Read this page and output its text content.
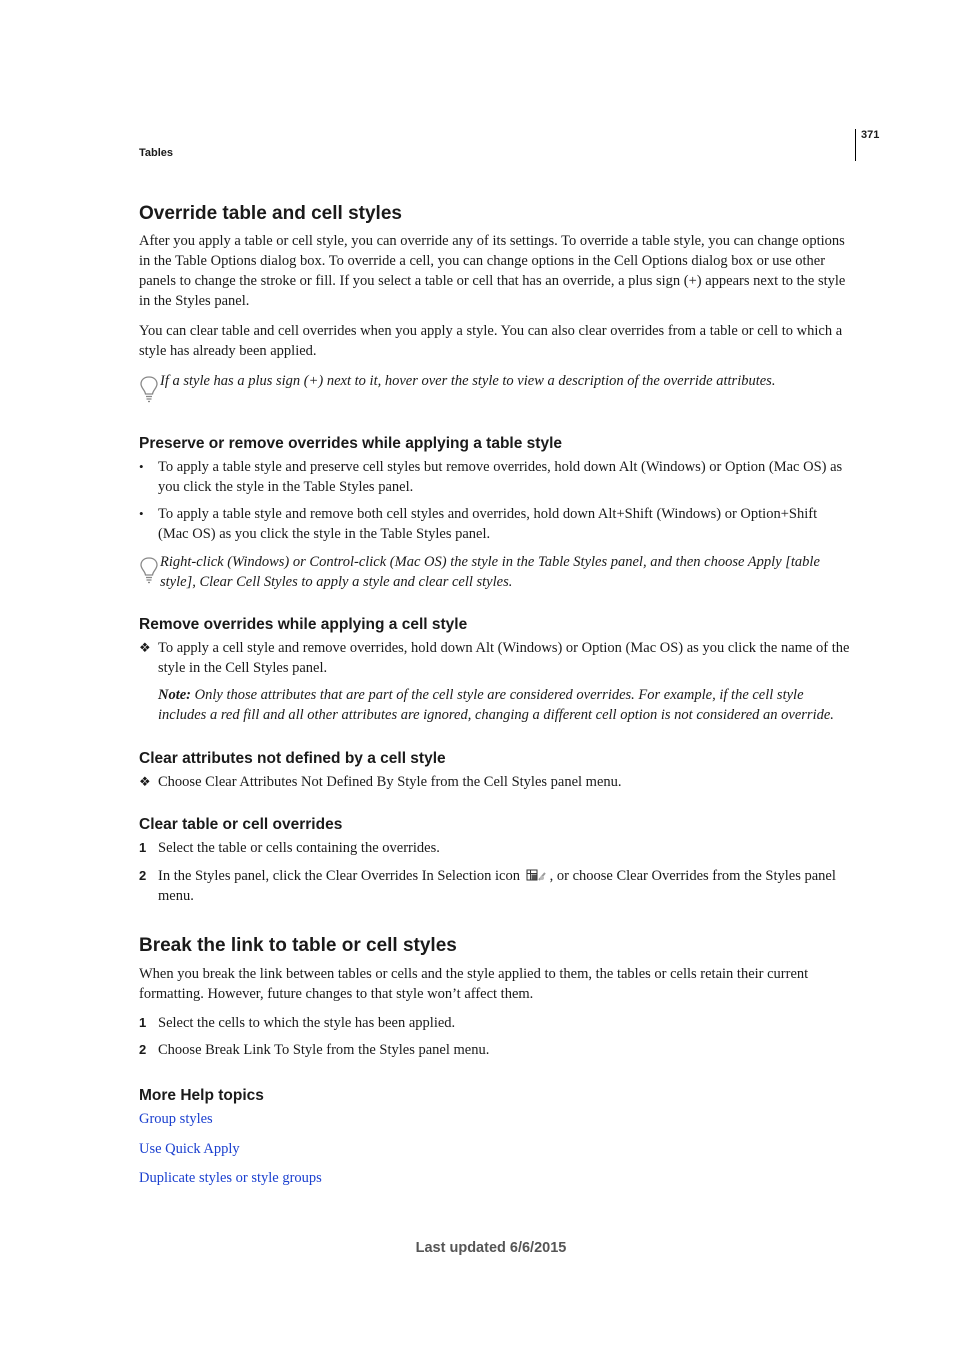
Tables
371
Override table and cell styles
After you apply a table or cell style, you can override any of its settings. To override a table style, you can change options in the Table Options dialog box. To override a cell, you can change options in the Cell Options dialog box or use other panels to change the stroke or fill. If you select a table or cell that has an override, a plus sign (+) appears next to the style in the Styles panel.
You can clear table and cell overrides when you apply a style. You can also clear overrides from a table or cell to which a style has already been applied.
If a style has a plus sign (+) next to it, hover over the style to view a description of the override attributes.
Preserve or remove overrides while applying a table style
• To apply a table style and preserve cell styles but remove overrides, hold down Alt (Windows) or Option (Mac OS) as you click the style in the Table Styles panel.
• To apply a table style and remove both cell styles and overrides, hold down Alt+Shift (Windows) or Option+Shift (Mac OS) as you click the style in the Table Styles panel.
Right-click (Windows) or Control-click (Mac OS) the style in the Table Styles panel, and then choose Apply [table style], Clear Cell Styles to apply a style and clear cell styles.
Remove overrides while applying a cell style
❖ To apply a cell style and remove overrides, hold down Alt (Windows) or Option (Mac OS) as you click the name of the style in the Cell Styles panel.
Note: Only those attributes that are part of the cell style are considered overrides. For example, if the cell style includes a red fill and all other attributes are ignored, changing a different cell option is not considered an override.
Clear attributes not defined by a cell style
❖ Choose Clear Attributes Not Defined By Style from the Cell Styles panel menu.
Clear table or cell overrides
1 Select the table or cells containing the overrides.
2 In the Styles panel, click the Clear Overrides In Selection icon , or choose Clear Overrides from the Styles panel menu.
Break the link to table or cell styles
When you break the link between tables or cells and the style applied to them, the tables or cells retain their current formatting. However, future changes to that style won’t affect them.
1 Select the cells to which the style has been applied.
2 Choose Break Link To Style from the Styles panel menu.
More Help topics
Group styles
Use Quick Apply
Duplicate styles or style groups
Last updated 6/6/2015
